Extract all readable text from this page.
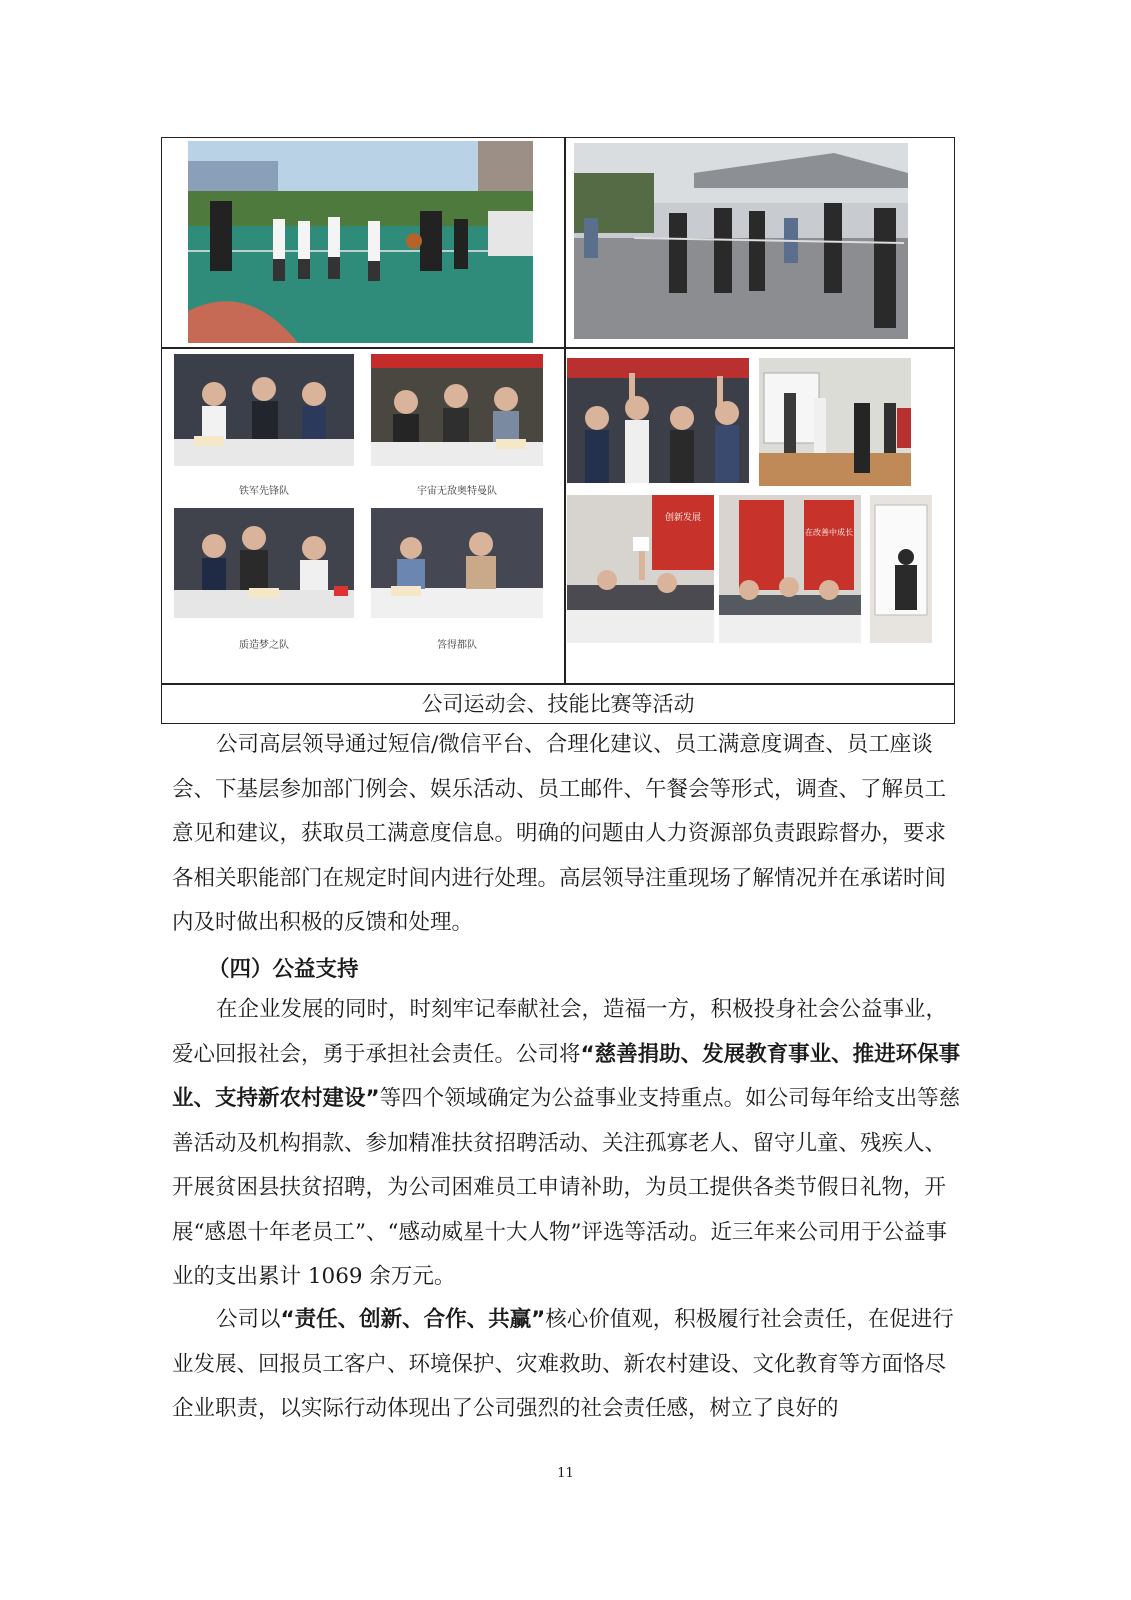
铁军先锋队	宇宙无敌奥特曼队
质造梦之队	答得都队
创新发展
在改善中成长
公司运动会、技能比赛等活动

公司高层领导通过短信/微信平台、合理化建议、员工满意度调查、员工座谈会、下基层参加部门例会、娱乐活动、员工邮件、午餐会等形式，调查、了解员工意见和建议，获取员工满意度信息。明确的问题由人力资源部负责跟踪督办，要求各相关职能部门在规定时间内进行处理。高层领导注重现场了解情况并在承诺时间内及时做出积极的反馈和处理。

（四）公益支持

在企业发展的同时，时刻牢记奉献社会，造福一方，积极投身社会公益事业，爱心回报社会，勇于承担社会责任。公司将“慈善捐助、发展教育事业、推进环保事业、支持新农村建设”等四个领域确定为公益事业支持重点。如公司每年给支出等慈善活动及机构捐款、参加精准扶贫招聘活动、关注孤寡老人、留守儿童、残疾人、开展贫困县扶贫招聘，为公司困难员工申请补助，为员工提供各类节假日礼物，开展“感恩十年老员工”、“感动威星十大人物”评选等活动。近三年来公司用于公益事业的支出累计 1069 余万元。

公司以“责任、创新、合作、共赢”核心价值观，积极履行社会责任，在促进行业发展、回报员工客户、环境保护、灾难救助、新农村建设、文化教育等方面恪尽企业职责，以实际行动体现出了公司强烈的社会责任感，树立了良好的

11
